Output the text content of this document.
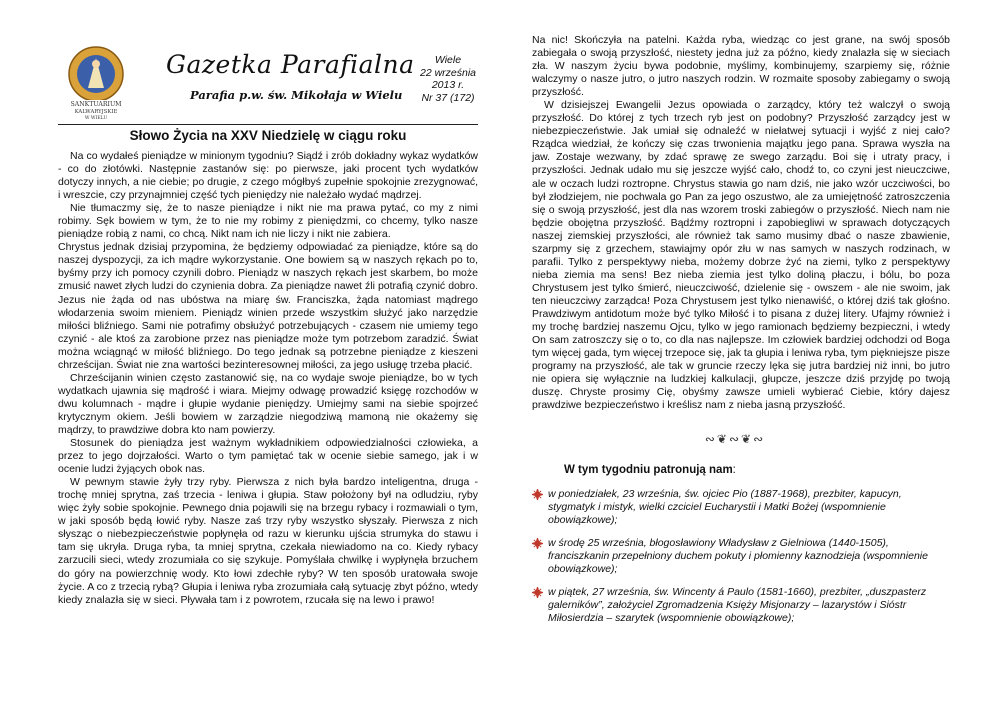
SANKTUARIUM
KALWARYJSKIE
W WIELU
Gazetka Parafialna
Parafia p.w. św. Mikołaja w Wielu
Wiele
22 września
2013 r.
Nr 37 (172)
Słowo Życia na XXV Niedzielę w ciągu roku

Na co wydałeś pieniądze w minionym tygodniu? Siądź i zrób dokładny wykaz wydatków - co do złotówki. Następnie zastanów się: po pierwsze, jaki procent tych wydatków dotyczy innych, a nie ciebie; po drugie, z czego mógłbyś zupełnie spokojnie zrezygnować, i wreszcie, czy przynajmniej część tych pieniędzy nie należało wydać mądrzej.

Nie tłumaczmy się, że to nasze pieniądze i nikt nie ma prawa pytać, co my z nimi robimy. Sęk bowiem w tym, że to nie my robimy z pieniędzmi, co chcemy, tylko nasze pieniądze robią z nami, co chcą. Nikt nam ich nie liczy i nikt nie zabiera.

Chrystus jednak dzisiaj przypomina, że będziemy odpowiadać za pieniądze, które są do naszej dyspozycji, za ich mądre wykorzystanie. One bowiem są w naszych rękach po to, byśmy przy ich pomocy czynili dobro. Pieniądz w naszych rękach jest skarbem, bo może zmusić nawet złych ludzi do czynienia dobra. Za pieniądze nawet źli potrafią czynić dobro. Jezus nie żąda od nas ubóstwa na miarę św. Franciszka, żąda natomiast mądrego włodarzenia swoim mieniem. Pieniądz winien przede wszystkim służyć jako narzędzie miłości bliźniego. Sami nie potrafimy obsłużyć potrzebujących - czasem nie umiemy tego czynić - ale ktoś za zarobione przez nas pieniądze może tym potrzebom zaradzić. Świat można wciągnąć w miłość bliźniego. Do tego jednak są potrzebne pieniądze z kieszeni chrześcijan. Świat nie zna wartości bezinteresownej miłości, za jego usługę trzeba płacić.

Chrześcijanin winien często zastanowić się, na co wydaje swoje pieniądze, bo w tych wydatkach ujawnia się mądrość i wiara. Miejmy odwagę prowadzić księgę rozchodów w dwu kolumnach - mądre i głupie wydanie pieniędzy. Umiejmy sami na siebie spojrzeć krytycznym okiem. Jeśli bowiem w zarządzie niegodziwą mamoną nie okażemy się mądrzy, to prawdziwe dobra kto nam powierzy.

Stosunek do pieniądza jest ważnym wykładnikiem odpowiedzialności człowieka, a przez to jego dojrzałości. Warto o tym pamiętać tak w ocenie siebie samego, jak i w ocenie ludzi żyjących obok nas.

W pewnym stawie żyły trzy ryby. Pierwsza z nich była bardzo inteligentna, druga - trochę mniej sprytna, zaś trzecia - leniwa i głupia. Staw położony był na odludziu, ryby więc żyły sobie spokojnie. Pewnego dnia pojawili się na brzegu rybacy i rozmawiali o tym, w jaki sposób będą łowić ryby. Nasze zaś trzy ryby wszystko słyszały. Pierwsza z nich słysząc o niebezpieczeństwie popłynęła od razu w kierunku ujścia strumyka do stawu i tam się ukryła. Druga ryba, ta mniej sprytna, czekała niewiadomo na co. Kiedy rybacy zarzucili sieci, wtedy zrozumiała co się szykuje. Pomyślała chwilkę i wypłynęła brzuchem do góry na powierzchnię wody. Kto łowi zdechłe ryby? W ten sposób uratowała swoje życie. A co z trzecią rybą? Głupia i leniwa ryba zrozumiała całą sytuację zbyt późno, wtedy kiedy znalazła się w sieci. Pływała tam i z powrotem, rzucała się na lewo i prawo!

Na nic! Skończyła na patelni. Każda ryba, wiedząc co jest grane, na swój sposób zabiegała o swoją przyszłość, niestety jedna już za późno, kiedy znalazła się w sieciach zła. W naszym życiu bywa podobnie, myślimy, kombinujemy, szarpiemy się, różnie walczymy o nasze jutro, o jutro naszych rodzin. W rozmaite sposoby zabiegamy o swoją przyszłość.

W dzisiejszej Ewangelii Jezus opowiada o zarządcy, który też walczył o swoją przyszłość. Do której z tych trzech ryb jest on podobny? Przyszłość zarządcy jest w niebezpieczeństwie. Jak umiał się odnaleźć w niełatwej sytuacji i wyjść z niej cało? Rządca wiedział, że kończy się czas trwonienia majątku jego pana. Sprawa wyszła na jaw. Zostaje wezwany, by zdać sprawę ze swego zarządu. Boi się i utraty pracy, i przyszłości. Jednak udało mu się jeszcze wyjść cało, chodź to, co czyni jest nieuczciwe, ale w oczach ludzi roztropne. Chrystus stawia go nam dziś, nie jako wzór uczciwości, bo był złodziejem, nie pochwala go Pan za jego oszustwo, ale za umiejętność zatroszczenia się o swoją przyszłość, jest dla nas wzorem troski zabiegów o przyszłość. Niech nam nie będzie obojętna przyszłość. Bądźmy roztropni i zapobiegliwi w sprawach dotyczących naszej ziemskiej przyszłości, ale również tak samo musimy dbać o nasze zbawienie, szarpmy się z grzechem, stawiajmy opór złu w nas samych w naszych rodzinach, w parafii. Tylko z perspektywy nieba, możemy dobrze żyć na ziemi, tylko z perspektywy nieba ziemia ma sens! Bez nieba ziemia jest tylko doliną płaczu, i bólu, bo poza Chrystusem jest tylko śmierć, nieuczciwość, dzielenie się - owszem - ale nie swoim, jak ten nieuczciwy zarządca! Poza Chrystusem jest tylko nienawiść, o której dziś tak głośno. Prawdziwym antidotum może być tylko Miłość i to pisana z dużej litery. Ufajmy również i my trochę bardziej naszemu Ojcu, tylko w jego ramionach będziemy bezpieczni, i wtedy On sam zatroszczy się o to, co dla nas najlepsze. Im człowiek bardziej odchodzi od Boga tym więcej gada, tym więcej trzepoce się, jak ta głupia i leniwa ryba, tym piękniejsze pisze programy na przyszłość, ale tak w gruncie rzeczy lęka się jutra bardziej niż inni, bo jutro nie opiera się wyłącznie na ludzkiej kalkulacji, głupcze, jeszcze dziś przyjdę po twoją duszę. Chryste prosimy Cię, obyśmy zawsze umieli wybierać Ciebie, który dajesz prawdziwe bezpieczeństwo i kreślisz nam z nieba jasną przyszłość.

∾❦∾❦∾
W tym tygodniu patronują nam:
w poniedziałek, 23 września, św. ojciec Pio (1887-1968), prezbiter, kapucyn, stygmatyk i mistyk, wielki czciciel Eucharystii i Matki Bożej (wspomnienie obowiązkowe);
w środę 25 września, błogosławiony Władysław z Gielniowa (1440-1505), franciszkanin przepełniony duchem pokuty i płomienny kaznodzieja (wspomnienie obowiązkowe);
w piątek, 27 września, św. Wincenty á Paulo (1581-1660), prezbiter, „duszpasterz galerników”, założyciel Zgromadzenia Księży Misjonarzy – lazarystów i Sióstr Miłosierdzia – szarytek (wspomnienie obowiązkowe);
